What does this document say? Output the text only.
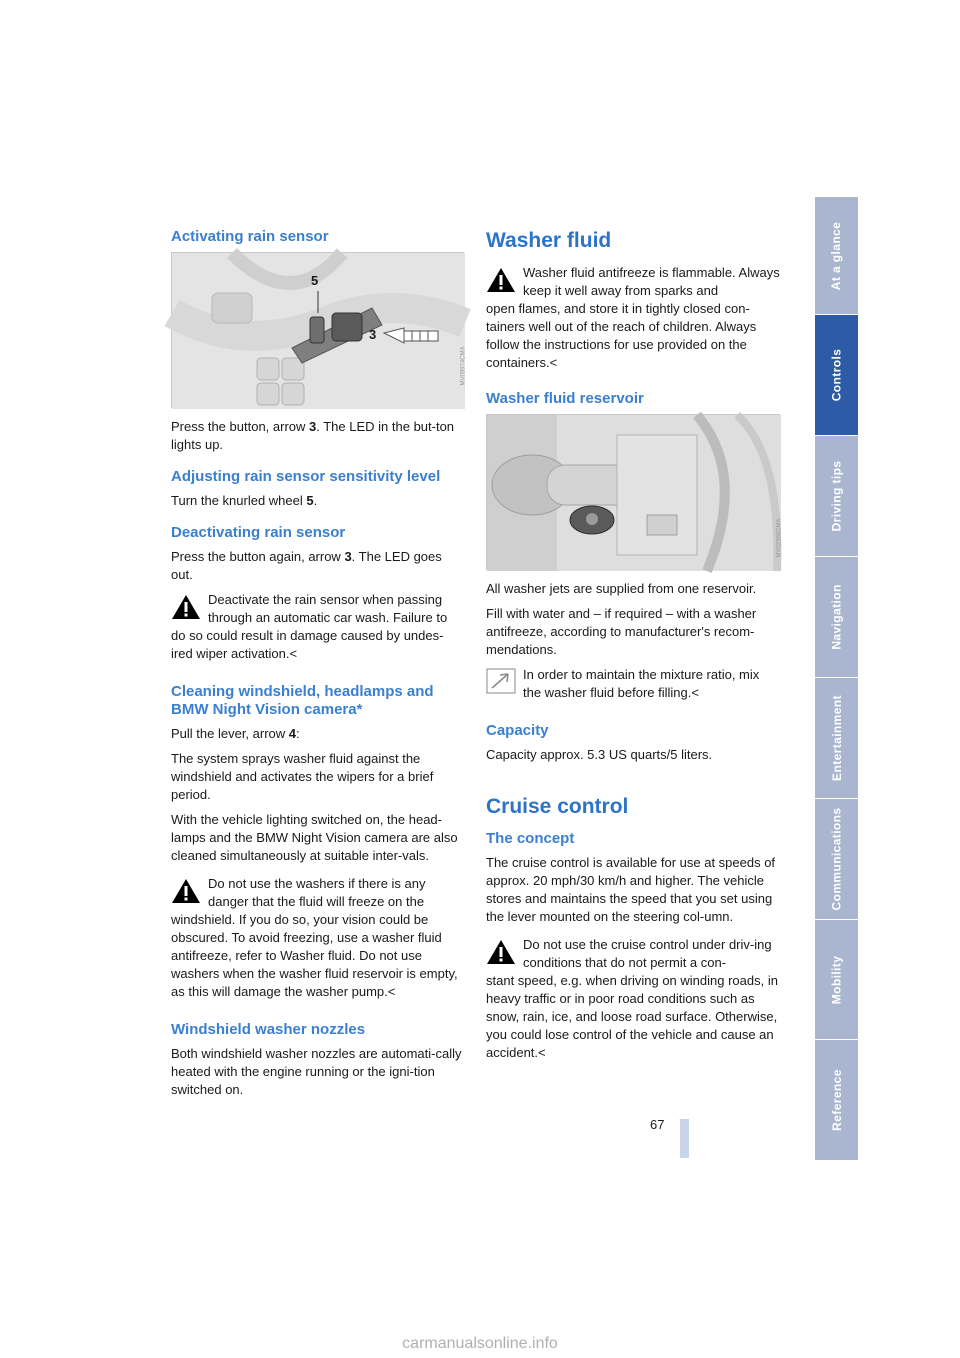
Activating rain sensor
5
3
MV09974CMA
Press the button, arrow 3. The LED in the but-ton lights up.
Adjusting rain sensor sensitivity level
Turn the knurled wheel 5.
Deactivating rain sensor
Press the button again, arrow 3. The LED goes out.
Deactivate the rain sensor when passing through an automatic car wash. Failure to
do so could result in damage caused by undes-ired wiper activation.<
Cleaning windshield, headlamps and BMW Night Vision camera*
Pull the lever, arrow 4:
The system sprays washer fluid against the windshield and activates the wipers for a brief period.
With the vehicle lighting switched on, the head-lamps and the BMW Night Vision camera are also cleaned simultaneously at suitable inter-vals.
Do not use the washers if there is any danger that the fluid will freeze on the
windshield. If you do so, your vision could be obscured. To avoid freezing, use a washer fluid antifreeze, refer to Washer fluid. Do not use washers when the washer fluid reservoir is empty, as this will damage the washer pump.<
Windshield washer nozzles
Both windshield washer nozzles are automati-cally heated with the engine running or the igni-tion switched on.
Washer fluid
Washer fluid antifreeze is flammable. Always keep it well away from sparks and
open flames, and store it in tightly closed con-tainers well out of the reach of children. Always follow the instructions for use provided on the containers.<
Washer fluid reservoir
MV02366CMA
All washer jets are supplied from one reservoir.
Fill with water and – if required – with a washer antifreeze, according to manufacturer's recom-mendations.
In order to maintain the mixture ratio, mix the washer fluid before filling.<
Capacity
Capacity approx. 5.3 US quarts/5 liters.
Cruise control
The concept
The cruise control is available for use at speeds of approx. 20 mph/30 km/h and higher. The vehicle stores and maintains the speed that you set using the lever mounted on the steering col-umn.
Do not use the cruise control under driv-ing conditions that do not permit a con-
stant speed, e.g. when driving on winding roads, in heavy traffic or in poor road conditions such as snow, rain, ice, and loose road surface. Otherwise, you could lose control of the vehicle and cause an accident.<
At a glance
Controls
Driving tips
Navigation
Entertainment
Communications
Mobility
Reference
67
carmanualsonline.info
